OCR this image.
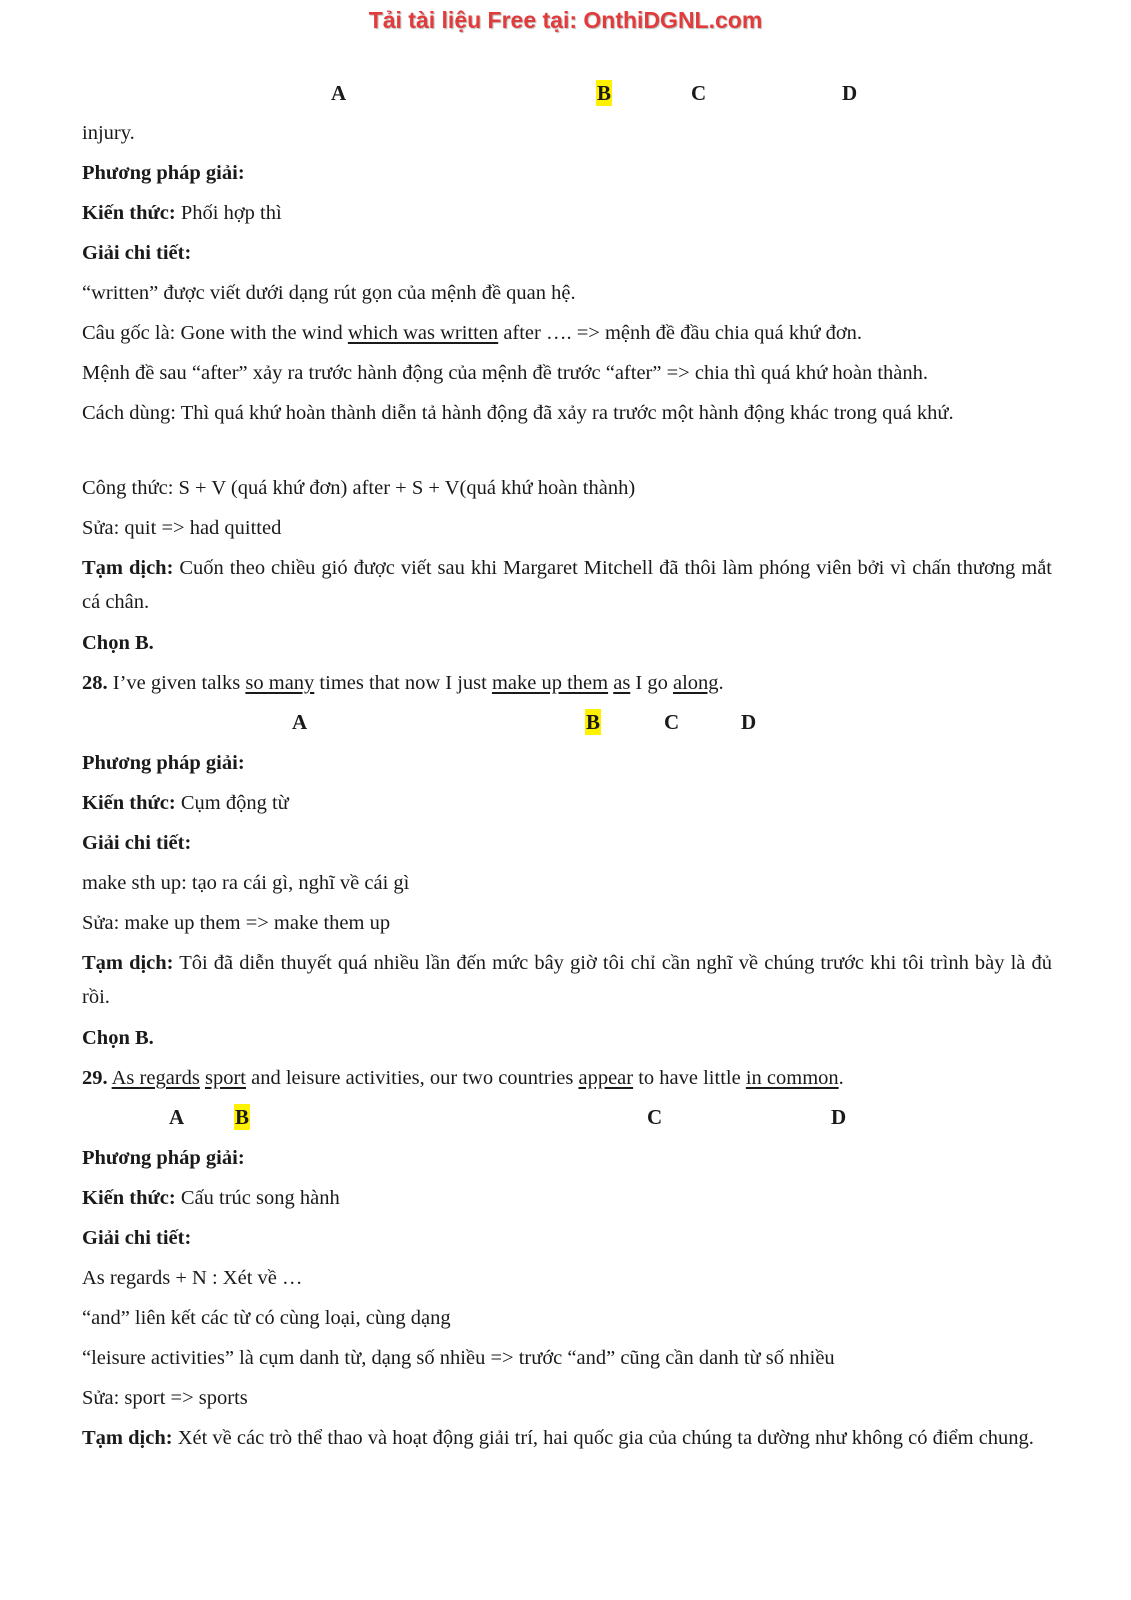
Tải tài liệu Free tại: OnthiDGNL.com
A	B	C	D
injury.
Phương pháp giải:
Kiến thức: Phối hợp thì
Giải chi tiết:
“written” được viết dưới dạng rút gọn của mệnh đề quan hệ.
Câu gốc là: Gone with the wind which was written after …. => mệnh đề đầu chia quá khứ đơn.
Mệnh đề sau “after” xảy ra trước hành động của mệnh đề trước “after” => chia thì quá khứ hoàn thành.
Cách dùng: Thì quá khứ hoàn thành diễn tả hành động đã xảy ra trước một hành động khác trong quá khứ.
Công thức: S + V (quá khứ đơn) after + S + V(quá khứ hoàn thành)
Sửa: quit => had quitted
Tạm dịch: Cuốn theo chiều gió được viết sau khi Margaret Mitchell đã thôi làm phóng viên bởi vì chấn thương mắt cá chân.
Chọn B.
28. I’ve given talks so many times that now I just make up them as I go along.
A	B	C	D
Phương pháp giải:
Kiến thức: Cụm động từ
Giải chi tiết:
make sth up: tạo ra cái gì, nghĩ về cái gì
Sửa: make up them => make them up
Tạm dịch: Tôi đã diễn thuyết quá nhiều lần đến mức bây giờ tôi chỉ cần nghĩ về chúng trước khi tôi trình bày là đủ rồi.
Chọn B.
29. As regards sport and leisure activities, our two countries appear to have little in common.
A B	C	D
Phương pháp giải:
Kiến thức: Cấu trúc song hành
Giải chi tiết:
As regards + N : Xét về …
“and” liên kết các từ có cùng loại, cùng dạng
“leisure activities” là cụm danh từ, dạng số nhiều => trước “and” cũng cần danh từ số nhiều
Sửa: sport => sports
Tạm dịch: Xét về các trò thể thao và hoạt động giải trí, hai quốc gia của chúng ta dường như không có điểm chung.
